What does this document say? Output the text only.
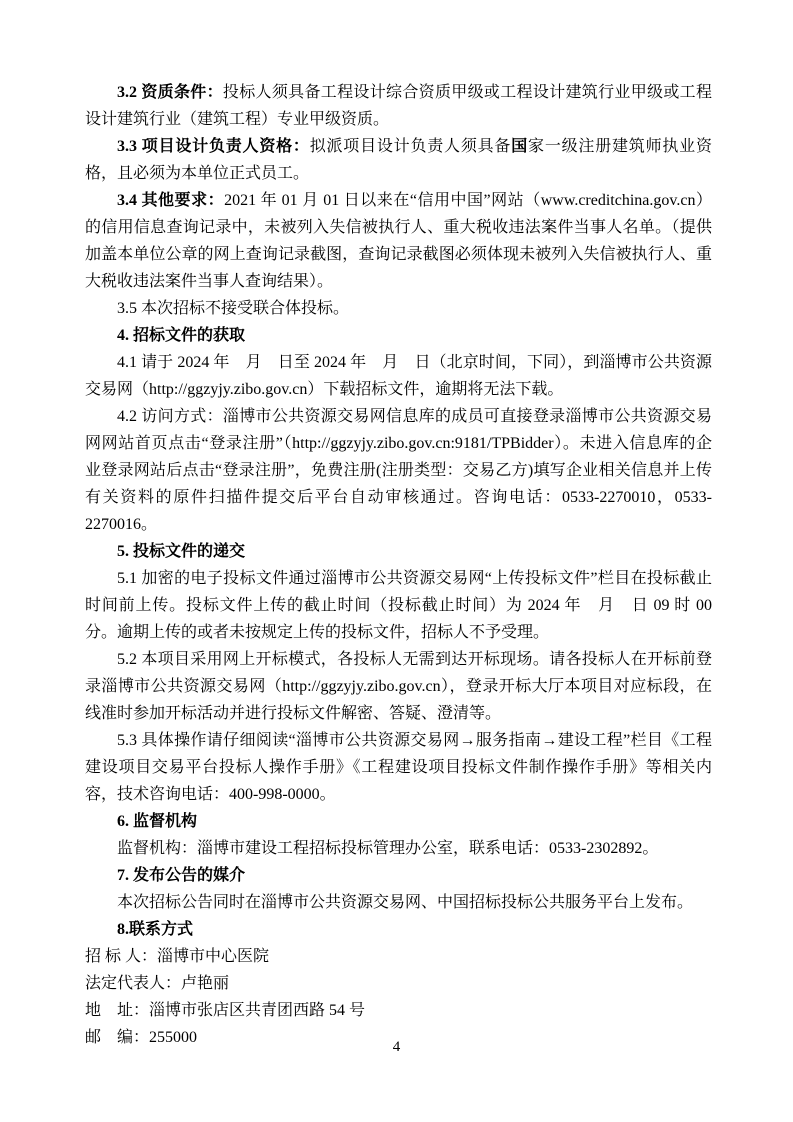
3.2 资质条件：投标人须具备工程设计综合资质甲级或工程设计建筑行业甲级或工程设计建筑行业（建筑工程）专业甲级资质。

3.3 项目设计负责人资格：拟派项目设计负责人须具备国家一级注册建筑师执业资格，且必须为本单位正式员工。

3.4 其他要求：2021 年 01 月 01 日以来在“信用中国”网站（www.creditchina.gov.cn）的信用信息查询记录中，未被列入失信被执行人、重大税收违法案件当事人名单。（提供加盖本单位公章的网上查询记录截图，查询记录截图必须体现未被列入失信被执行人、重大税收违法案件当事人查询结果）。

3.5 本次招标不接受联合体投标。

4. 招标文件的获取

4.1 请于 2024 年　月　日至 2024 年　月　日（北京时间，下同），到淄博市公共资源交易网（http://ggzyjy.zibo.gov.cn）下载招标文件，逾期将无法下载。

4.2 访问方式：淄博市公共资源交易网信息库的成员可直接登录淄博市公共资源交易网网站首页点击“登录注册”（http://ggzyjy.zibo.gov.cn:9181/TPBidder）。未进入信息库的企业登录网站后点击“登录注册”，免费注册(注册类型：交易乙方)填写企业相关信息并上传有关资料的原件扫描件提交后平台自动审核通过。咨询电话：0533-2270010，0533-2270016。

5. 投标文件的递交

5.1 加密的电子投标文件通过淄博市公共资源交易网“上传投标文件”栏目在投标截止时间前上传。投标文件上传的截止时间（投标截止时间）为 2024 年　月　日 09 时 00 分。逾期上传的或者未按规定上传的投标文件，招标人不予受理。

5.2 本项目采用网上开标模式，各投标人无需到达开标现场。请各投标人在开标前登录淄博市公共资源交易网（http://ggzyjy.zibo.gov.cn），登录开标大厅本项目对应标段，在线准时参加开标活动并进行投标文件解密、答疑、澄清等。

5.3 具体操作请仔细阅读“淄博市公共资源交易网→服务指南→建设工程”栏目《工程建设项目交易平台投标人操作手册》《工程建设项目投标文件制作操作手册》等相关内容，技术咨询电话：400-998-0000。

6. 监督机构

监督机构：淄博市建设工程招标投标管理办公室，联系电话：0533-2302892。

7. 发布公告的媒介

本次招标公告同时在淄博市公共资源交易网、中国招标投标公共服务平台上发布。

8.联系方式

招 标 人：淄博市中心医院

法定代表人：卢艳丽

地　址：淄博市张店区共青团西路 54 号

邮　编：255000

4
